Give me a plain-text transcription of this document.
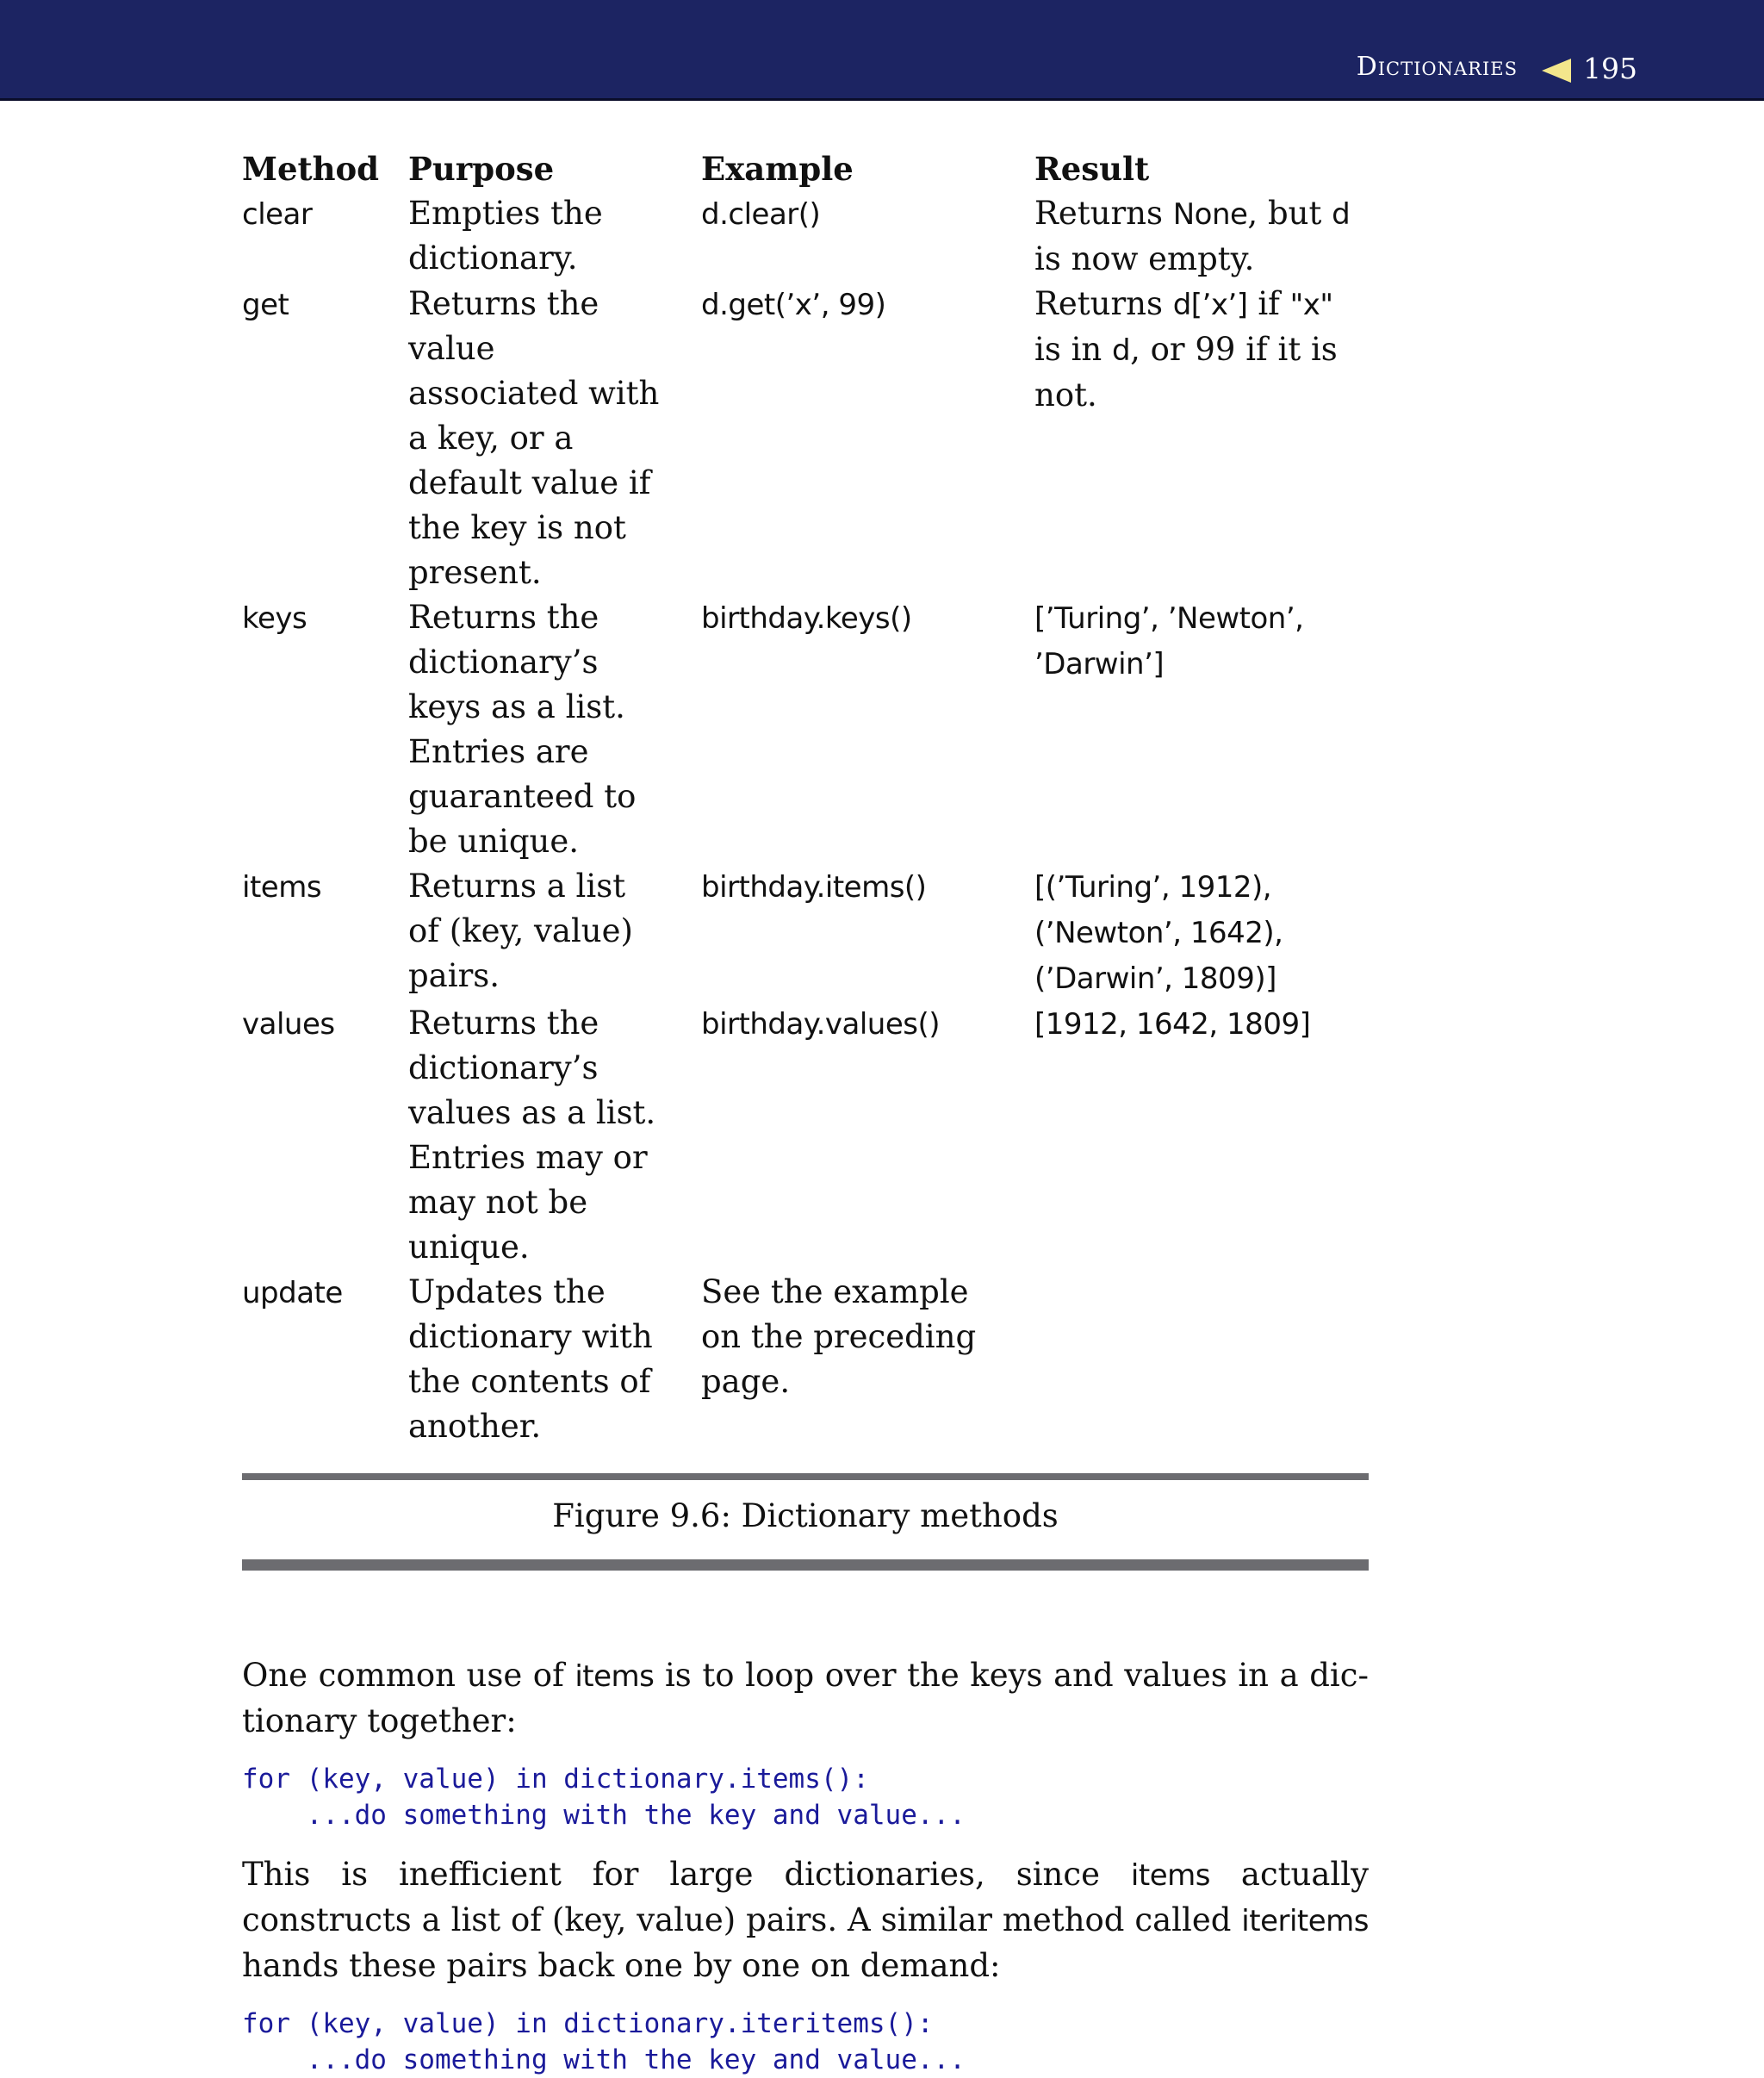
Dictionaries 195
Method	Purpose	Example	Result
clear	Empties the dictionary.	d.clear()	Returns None, but d is now empty.
get	Returns the value associated with a key, or a default value if the key is not present.	d.get(’x’, 99)	Returns d[’x’] if "x" is in d, or 99 if it is not.
keys	Returns the dictionary’s keys as a list. Entries are guaranteed to be unique.	birthday.keys()	[’Turing’, ’Newton’, ’Darwin’]
items	Returns a list of (key, value) pairs.	birthday.items()	[(’Turing’, 1912), (’Newton’, 1642), (’Darwin’, 1809)]
values	Returns the dictionary’s values as a list. Entries may or may not be unique.	birthday.values()	[1912, 1642, 1809]
update	Updates the dictionary with the contents of another.	See the example on the preceding page.	
Figure 9.6: Dictionary methods

One common use of items is to loop over the keys and values in a dictionary together:

for (key, value) in dictionary.items():
...do something with the key and value...

This is inefficient for large dictionaries, since items actually constructs a list of (key, value) pairs. A similar method called iteritems hands these pairs back one by one on demand:

for (key, value) in dictionary.iteritems():
...do something with the key and value...
